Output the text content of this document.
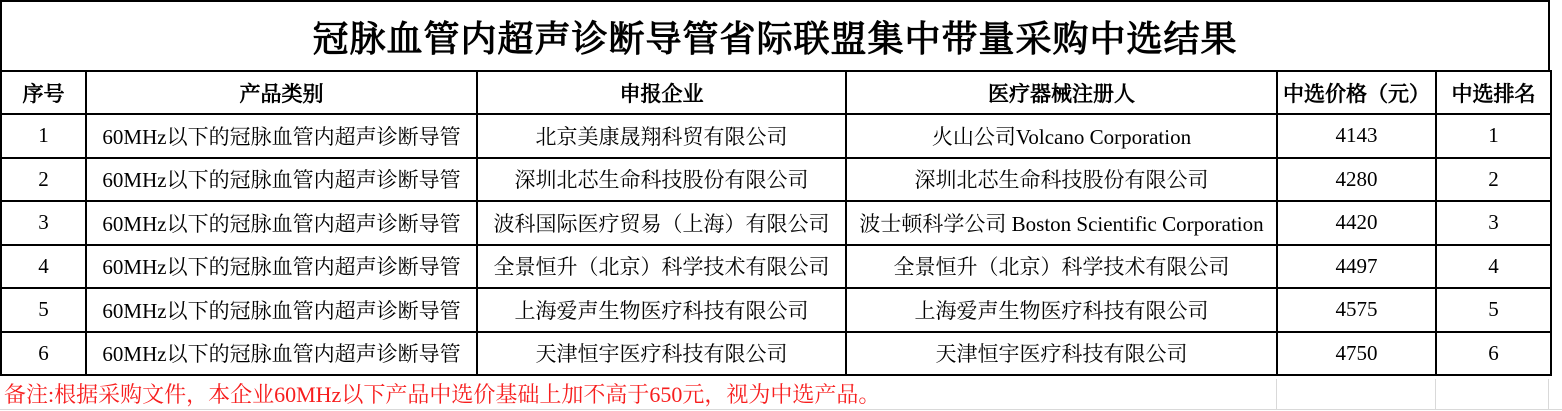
冠脉血管内超声诊断导管省际联盟集中带量采购中选结果
序号	产品类别	申报企业	医疗器械注册人	中选价格（元）	中选排名

1	60MHz以下的冠脉血管内超声诊断导管	北京美康晟翔科贸有限公司	火山公司Volcano Corporation	4143	1

2	60MHz以下的冠脉血管内超声诊断导管	深圳北芯生命科技股份有限公司	深圳北芯生命科技股份有限公司	4280	2

3	60MHz以下的冠脉血管内超声诊断导管	波科国际医疗贸易（上海）有限公司	波士顿科学公司 Boston Scientific Corporation	4420	3

4	60MHz以下的冠脉血管内超声诊断导管	全景恒升（北京）科学技术有限公司	全景恒升（北京）科学技术有限公司	4497	4

5	60MHz以下的冠脉血管内超声诊断导管	上海爱声生物医疗科技有限公司	上海爱声生物医疗科技有限公司	4575	5

6	60MHz以下的冠脉血管内超声诊断导管	天津恒宇医疗科技有限公司	天津恒宇医疗科技有限公司	4750	6
备注:根据采购文件，本企业60MHz以下产品中选价基础上加不高于650元，视为中选产品。
